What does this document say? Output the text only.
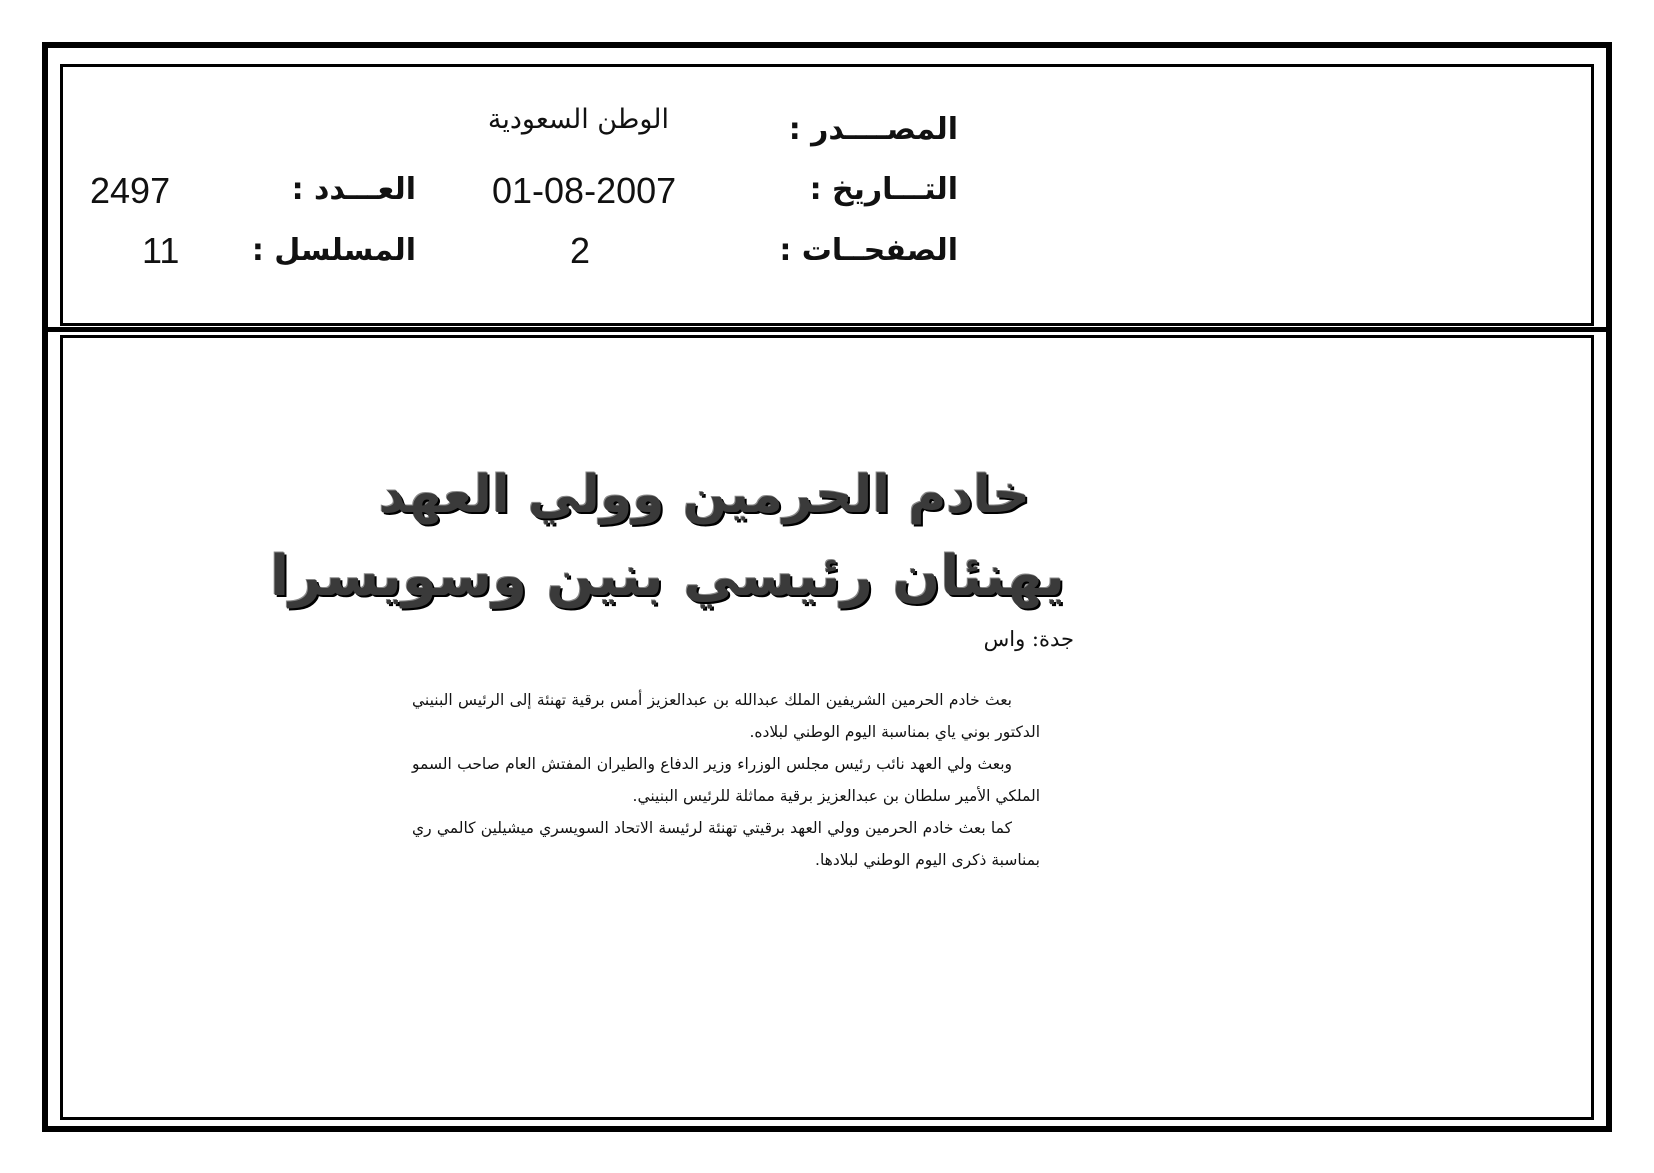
المصــــدر :
الوطن السعودية
التـــاريخ :
01-08-2007
العـــدد :
2497
الصفحــات :
2
المسلسل :
11
خادم الحرمين وولي العهد
يهنئان رئيسي بنين وسويسرا
جدة: واس

بعث خادم الحرمين الشريفين الملك عبدالله بن عبدالعزيز أمس برقية تهنئة إلى الرئيس البنيني الدكتور بوني ياي بمناسبة اليوم الوطني لبلاده.

وبعث ولي العهد نائب رئيس مجلس الوزراء وزير الدفاع والطيران المفتش العام صاحب السمو الملكي الأمير سلطان بن عبدالعزيز برقية مماثلة للرئيس البنيني.

كما بعث خادم الحرمين وولي العهد برقيتي تهنئة لرئيسة الاتحاد السويسري ميشيلين كالمي ري بمناسبة ذكرى اليوم الوطني لبلادها.
